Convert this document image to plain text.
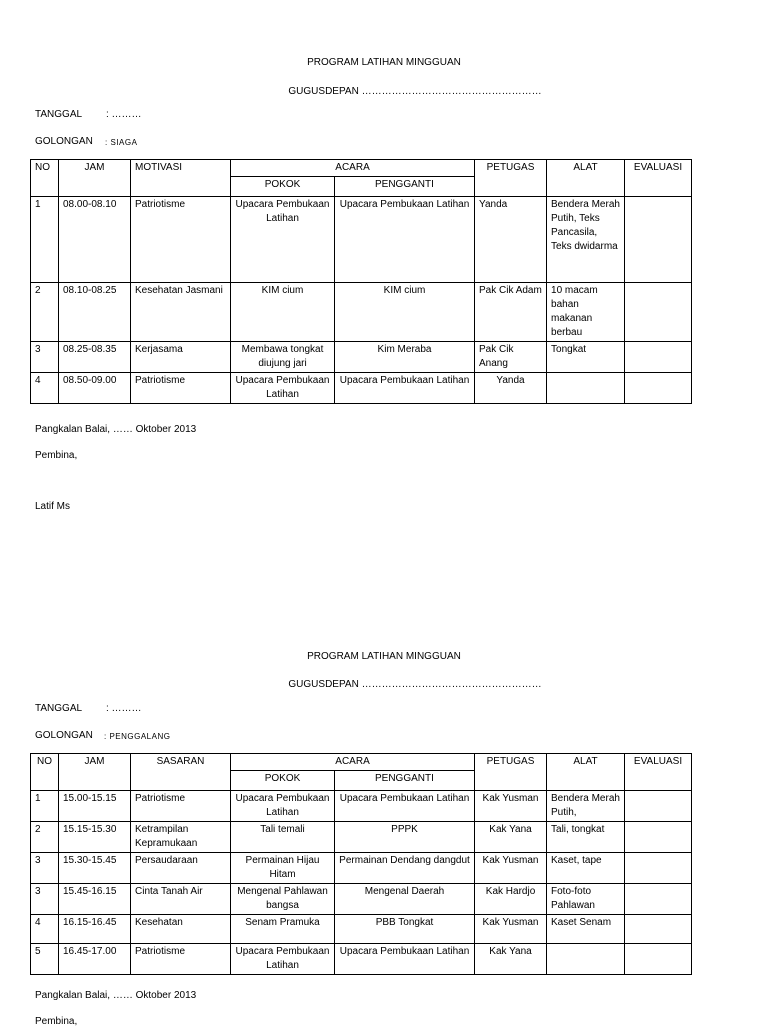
PROGRAM LATIHAN MINGGUAN
GUGUSDEPAN ………………………………………………
TANGGAL : ………
GOLONGAN : SIAGA
NO	JAM	MOTIVASI	ACARA		PETUGAS	ALAT	EVALUASI
			POKOK	PENGGANTI			
1	08.00-08.10	Patriotisme	Upacara Pembukaan Latihan	Upacara Pembukaan Latihan	Yanda	Bendera Merah Putih, Teks Pancasila, Teks dwidarma	
2	08.10-08.25	Kesehatan Jasmani	KIM cium	KIM cium	Pak Cik Adam	10 macam bahan makanan berbau	
3	08.25-08.35	Kerjasama	Membawa tongkat diujung jari	Kim Meraba	Pak Cik Anang	Tongkat	
4	08.50-09.00	Patriotisme	Upacara Pembukaan Latihan	Upacara Pembukaan Latihan	Yanda		
Pangkalan Balai, …… Oktober 2013
Pembina,
Latif Ms
PROGRAM LATIHAN MINGGUAN
GUGUSDEPAN ………………………………………………
TANGGAL : ………
GOLONGAN : PENGGALANG
NO	JAM	SASARAN	ACARA		PETUGAS	ALAT	EVALUASI
			POKOK	PENGGANTI			
1	15.00-15.15	Patriotisme	Upacara Pembukaan Latihan	Upacara Pembukaan Latihan	Kak Yusman	Bendera Merah Putih,	
2	15.15-15.30	Ketrampilan Kepramukaan	Tali temali	PPPK	Kak Yana	Tali, tongkat	
3	15.30-15.45	Persaudaraan	Permainan Hijau Hitam	Permainan Dendang dangdut	Kak Yusman	Kaset, tape	
3	15.45-16.15	Cinta Tanah Air	Mengenal Pahlawan bangsa	Mengenal Daerah	Kak Hardjo	Foto-foto Pahlawan	
4	16.15-16.45	Kesehatan	Senam Pramuka	PBB Tongkat	Kak Yusman	Kaset Senam	
5	16.45-17.00	Patriotisme	Upacara Pembukaan Latihan	Upacara Pembukaan Latihan	Kak Yana		
Pangkalan Balai, …… Oktober 2013
Pembina,
